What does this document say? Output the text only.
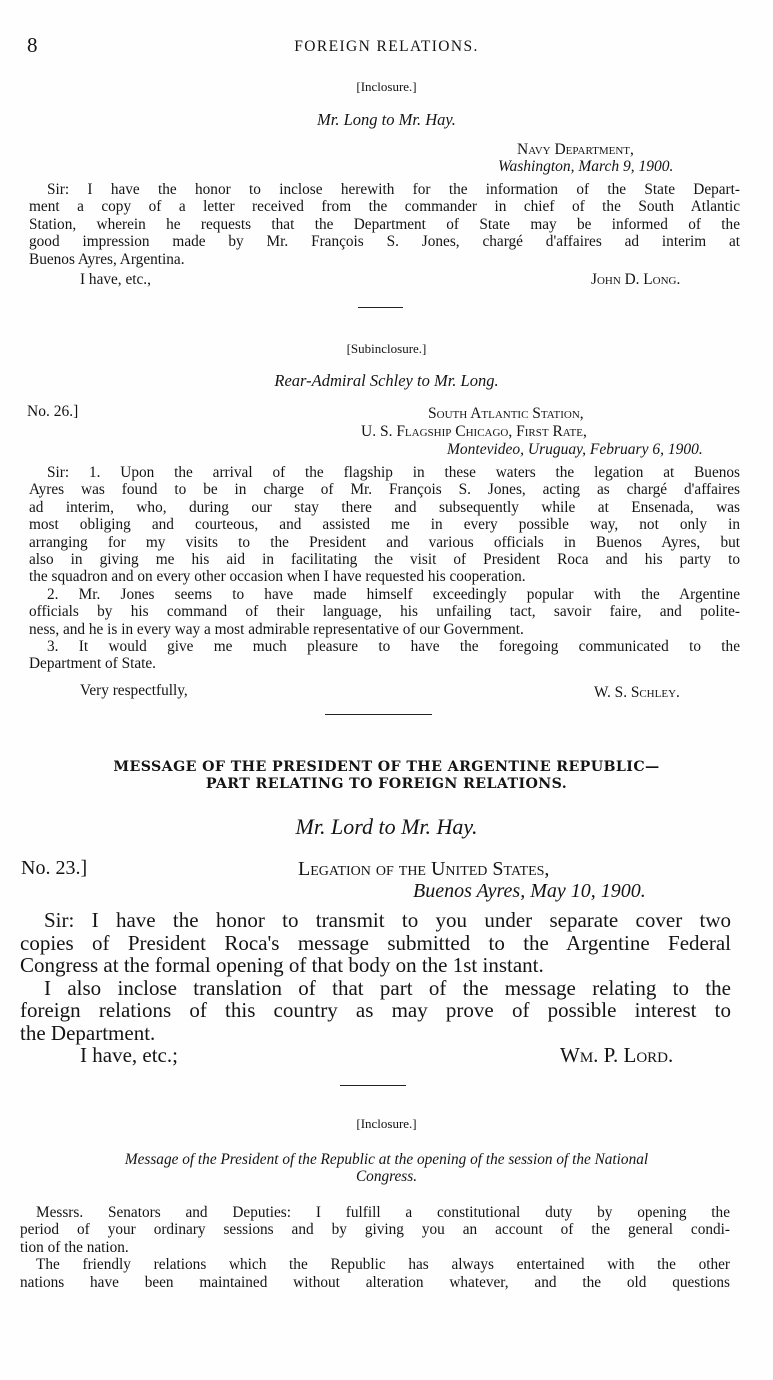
8	FOREIGN RELATIONS.
[Inclosure.]
Mr. Long to Mr. Hay.
Navy Department,
Washington, March 9, 1900.
Sir: I have the honor to inclose herewith for the information of the State Depart-
ment a copy of a letter received from the commander in chief of the South Atlantic
Station, wherein he requests that the Department of State may be informed of the
good impression made by Mr. François S. Jones, chargé d'affaires ad interim at
Buenos Ayres, Argentina.
I have, etc.,	John D. Long.
[Subinclosure.]
Rear-Admiral Schley to Mr. Long.
No. 26.]	South Atlantic Station,
U. S. Flagship Chicago, First Rate,
Montevideo, Uruguay, February 6, 1900.
Sir: 1. Upon the arrival of the flagship in these waters the legation at Buenos
Ayres was found to be in charge of Mr. François S. Jones, acting as chargé d'affaires
ad interim, who, during our stay there and subsequently while at Ensenada, was
most obliging and courteous, and assisted me in every possible way, not only in
arranging for my visits to the President and various officials in Buenos Ayres, but
also in giving me his aid in facilitating the visit of President Roca and his party to
the squadron and on every other occasion when I have requested his cooperation.
2. Mr. Jones seems to have made himself exceedingly popular with the Argentine
officials by his command of their language, his unfailing tact, savoir faire, and polite-
ness, and he is in every way a most admirable representative of our Government.
3. It would give me much pleasure to have the foregoing communicated to the
Department of State.
Very respectfully,	W. S. Schley.
MESSAGE OF THE PRESIDENT OF THE ARGENTINE REPUBLIC—
PART RELATING TO FOREIGN RELATIONS.
Mr. Lord to Mr. Hay.
No. 23.]	Legation of the United States,
Buenos Ayres, May 10, 1900.
Sir: I have the honor to transmit to you under separate cover two
copies of President Roca's message submitted to the Argentine Federal
Congress at the formal opening of that body on the 1st instant.
I also inclose translation of that part of the message relating to the
foreign relations of this country as may prove of possible interest to
the Department.
I have, etc.;	Wm. P. Lord.
[Inclosure.]
Message of the President of the Republic at the opening of the session of the National
Congress.
Messrs. Senators and Deputies: I fulfill a constitutional duty by opening the
period of your ordinary sessions and by giving you an account of the general condi-
tion of the nation.
The friendly relations which the Republic has always entertained with the other
nations have been maintained without alteration whatever, and the old questions
